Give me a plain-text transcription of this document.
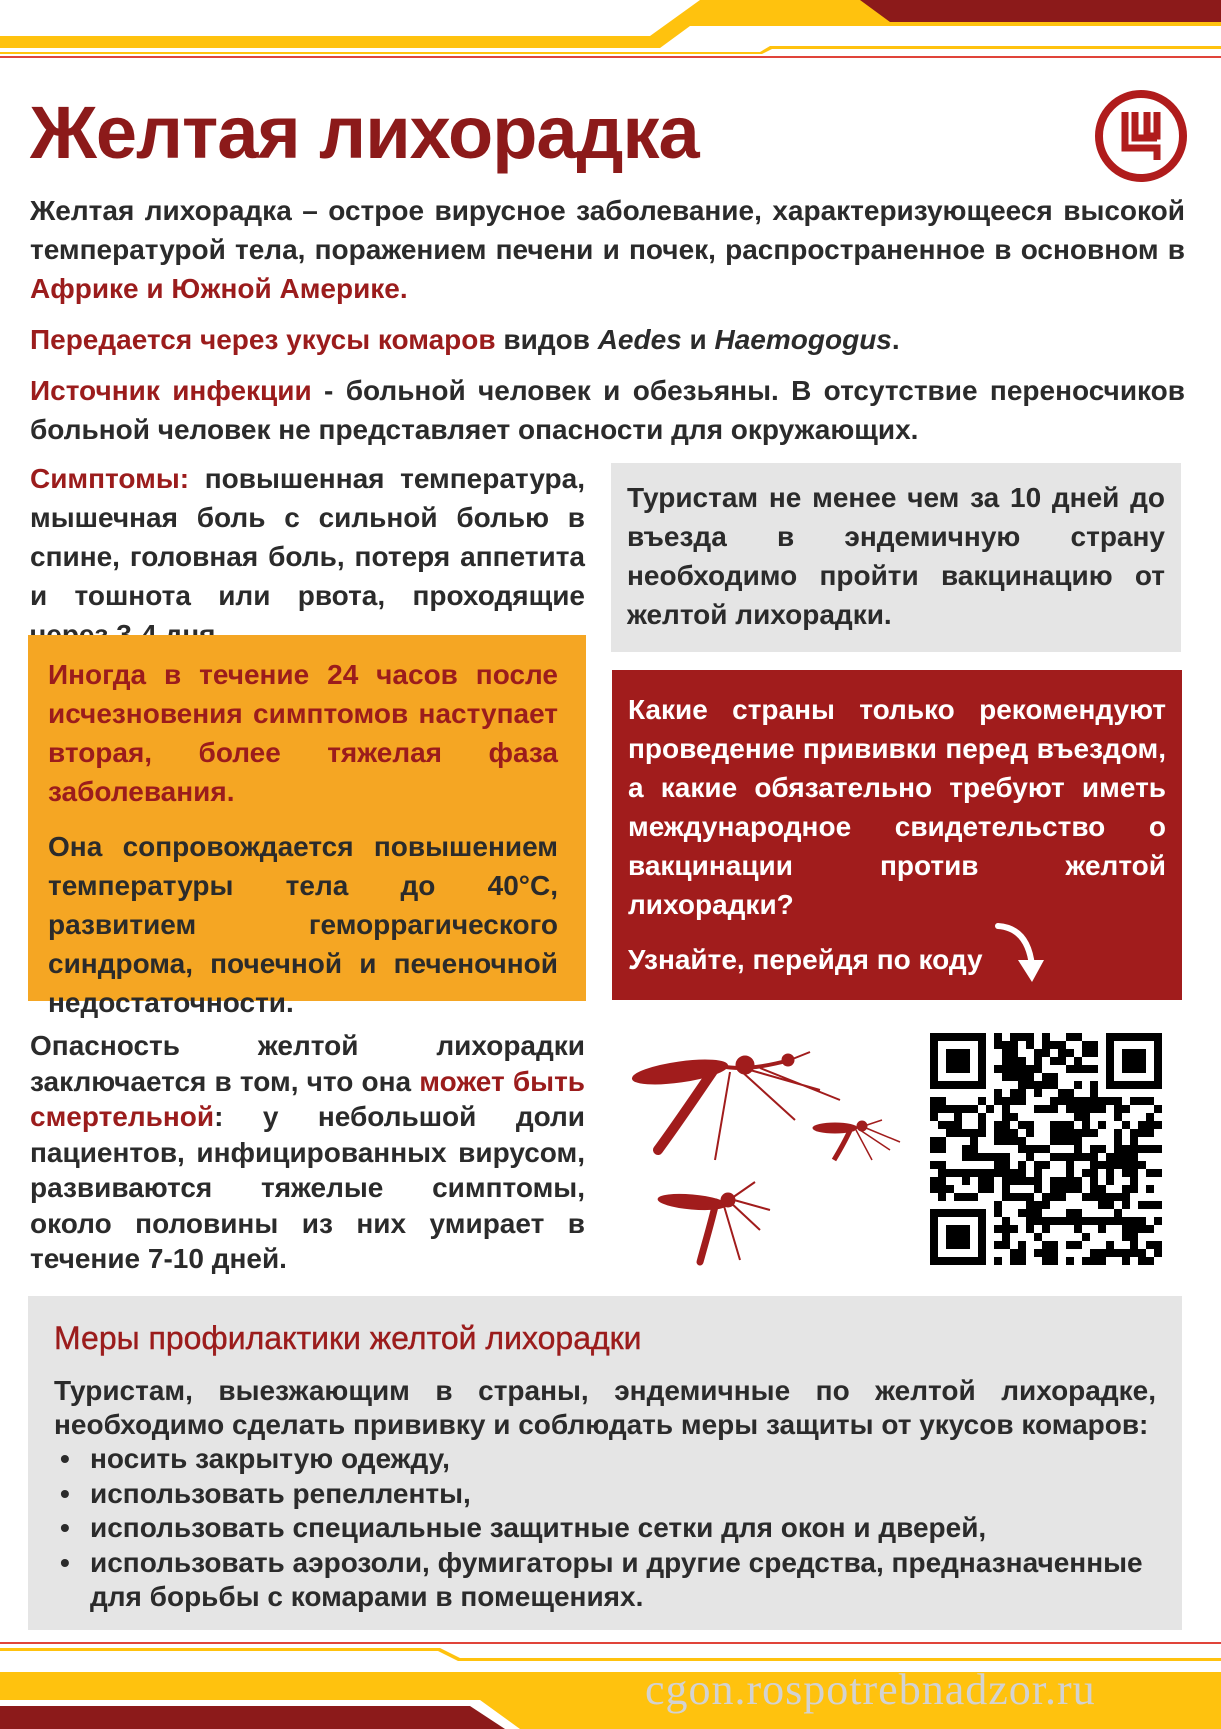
Желтая лихорадка

Желтая лихорадка – острое вирусное заболевание, характеризующееся высокой температурой тела, поражением печени и почек, распространенное в основном в Африке и Южной Америке.

Передается через укусы комаров видов Aedes и Haemogogus.

Источник инфекции - больной человек и обезьяны. В отсутствие переносчиков больной человек не представляет опасности для окружающих.

Симптомы: повышенная температура, мышечная боль с сильной болью в спине, головная боль, потеря аппетита и тошнота или рвота, проходящие

Туристам не менее чем за 10 дней до въезда в эндемичную страну необходимо пройти вакцинацию от желтой лихорадки.

Иногда в течение 24 часов после исчезновения симптомов наступает вторая, более тяжелая фаза заболевания.

Она сопровождается повышением температуры тела до 40°С, развитием геморрагического синдрома, почечной и печеночной недостаточности.

Какие страны только рекомендуют проведение прививки перед въездом, а какие обязательно требуют иметь международное свидетельство о вакцинации против желтой лихорадки?

Узнайте, перейдя по коду

Опасность желтой лихорадки заключается в том, что она может быть смертельной: у небольшой доли пациентов, инфицированных вирусом, развиваются тяжелые симптомы, около половины из них умирает в течение 7-10 дней.

Меры профилактики желтой лихорадки

Туристам, выезжающим в страны, эндемичные по желтой лихорадке, необходимо сделать прививку и соблюдать меры защиты от укусов комаров:

• носить закрытую одежду,
• использовать репелленты,
• использовать специальные защитные сетки для окон и дверей,
• использовать аэрозоли, фумигаторы и другие средства, предназначенные для борьбы с комарами в помещениях.
cgon.rospotrebnadzor.ru
